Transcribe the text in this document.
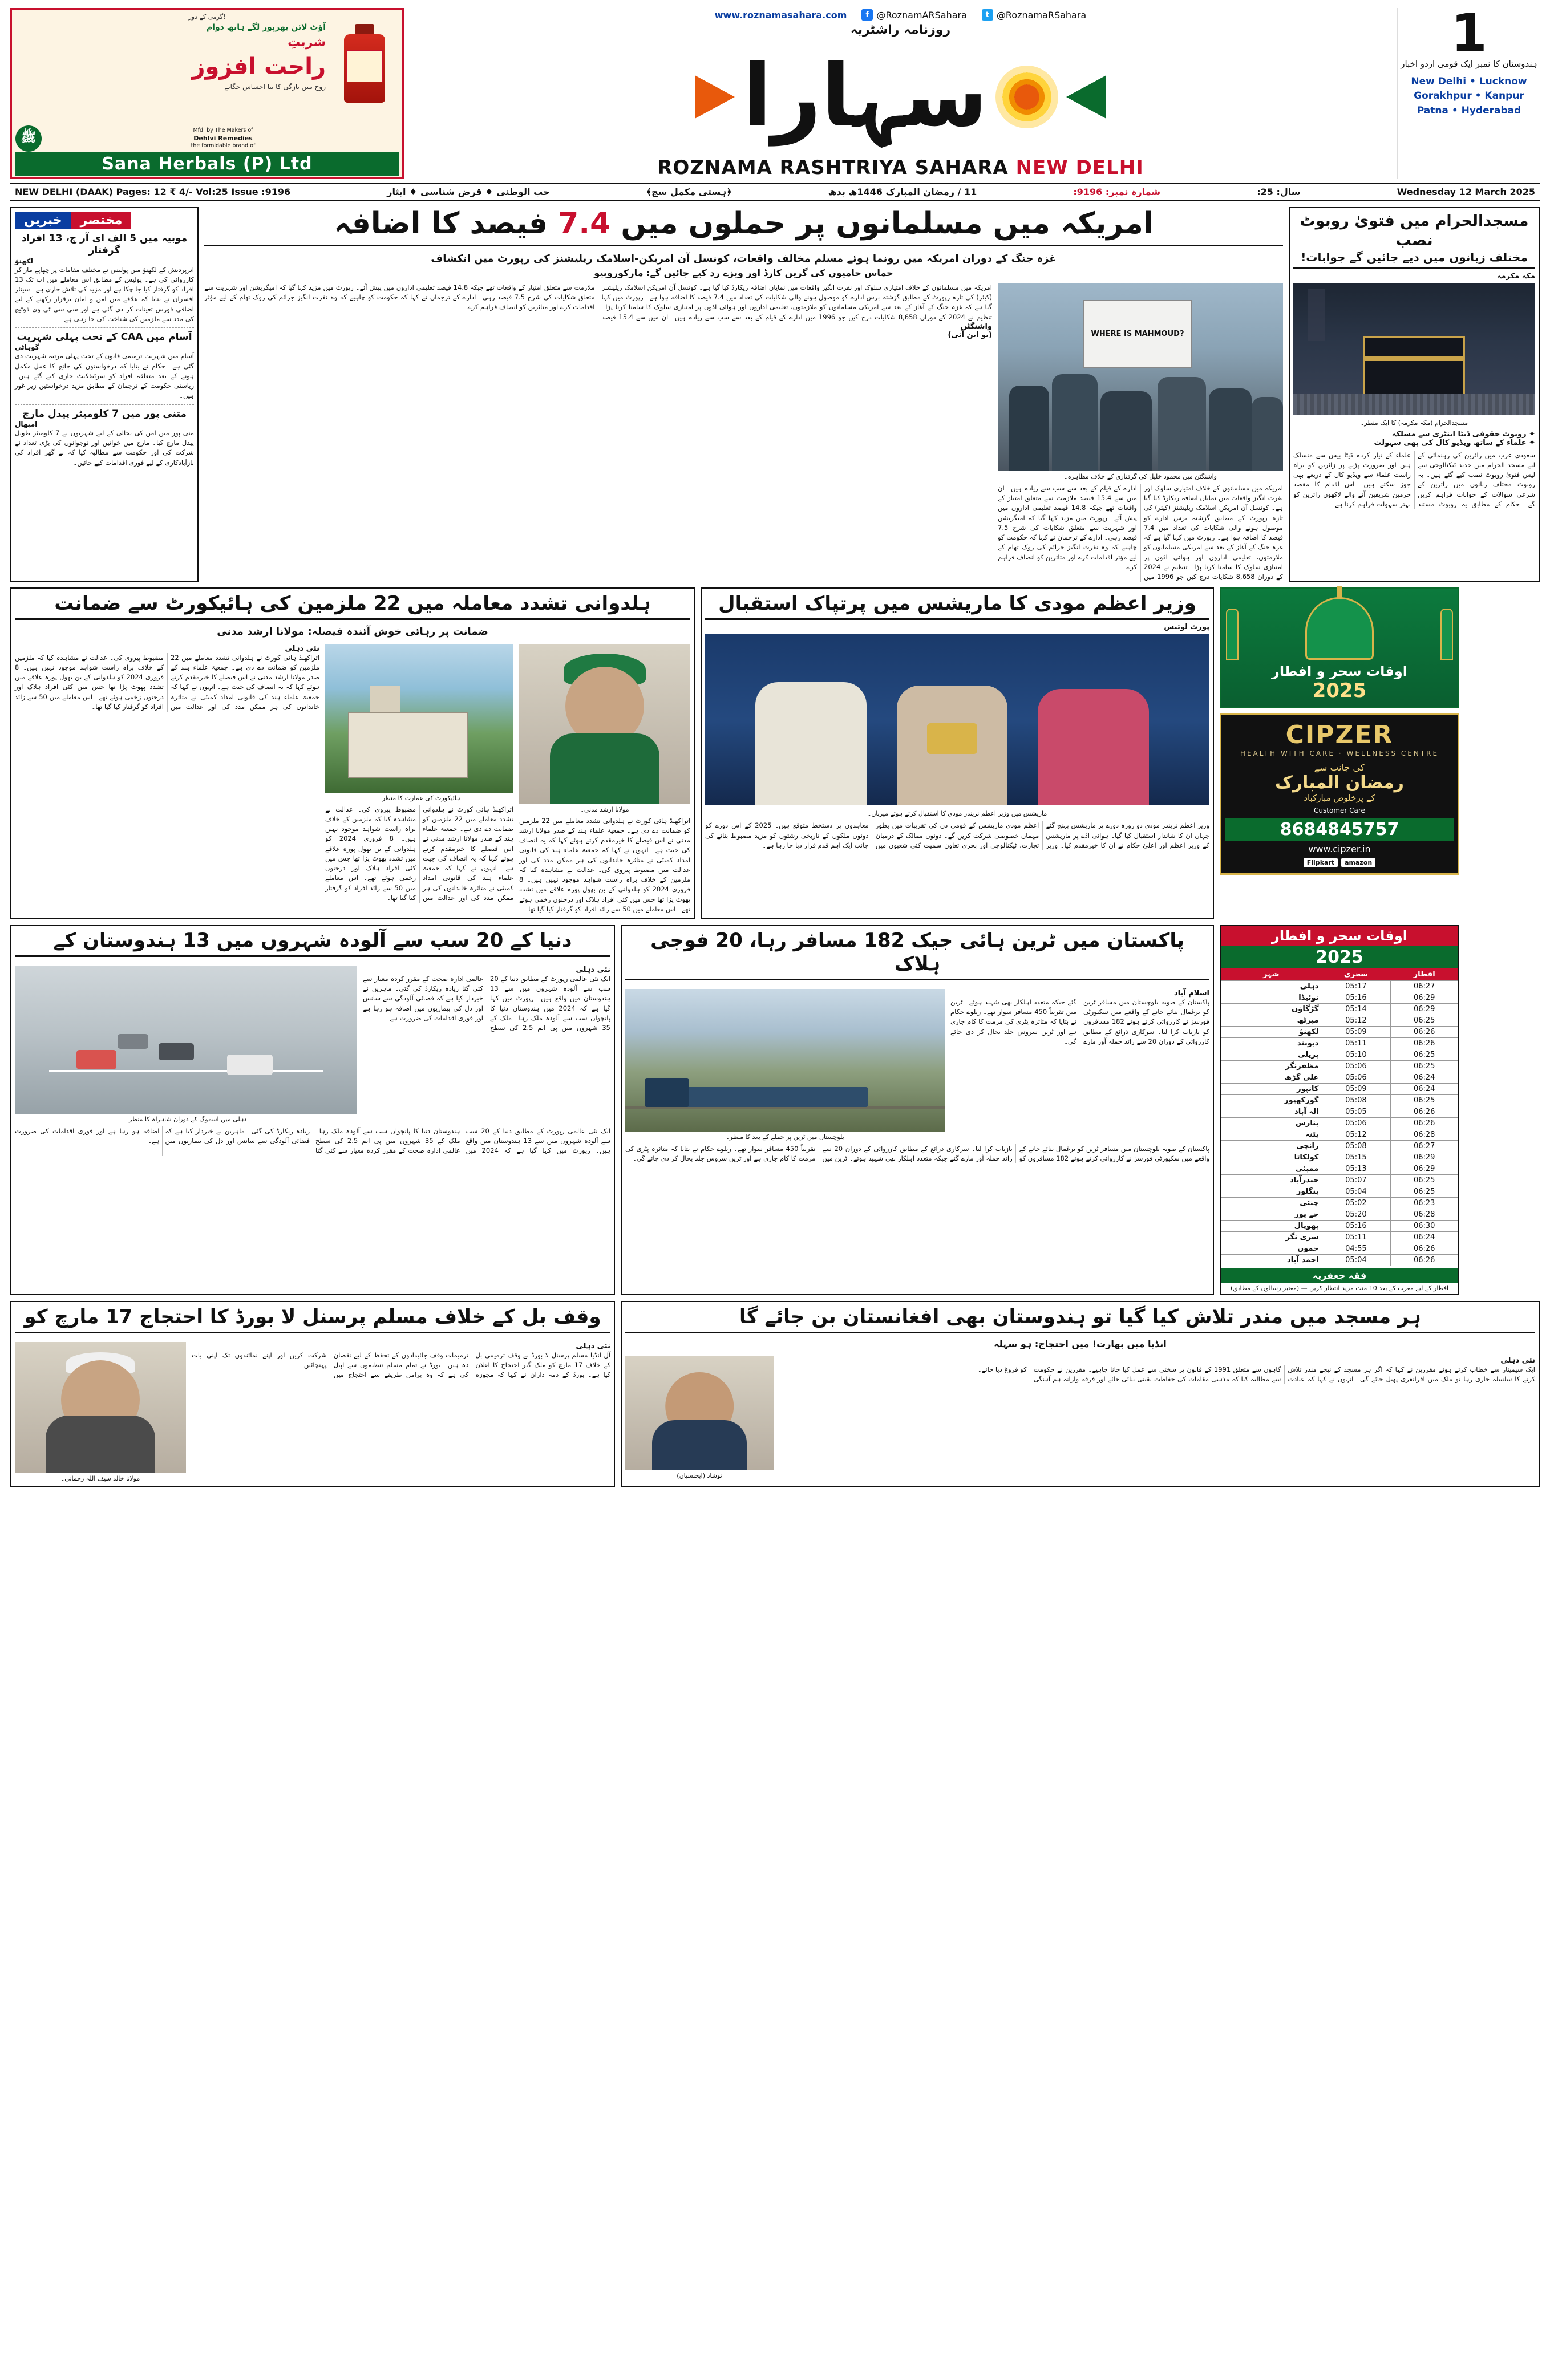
گرمی کے دور!
آؤٹ لائن بھرپور لگے ہاتھ دوام
شربتِ
راحت افزوز
روح میں تازگی کا نیا احساس جگانے
ﷺ
Mfd. by The Makers of
Dehlvi Remedies
the formidable brand of
Sana Herbals (P) Ltd
www.roznamasahara.com	f @RoznamARSahara	t @RoznamaRSahara
روزنامہ راشٹریہ
سہارا
ROZNAMA RASHTRIYA SAHARA NEW DELHI
1
ہندوستان کا نمبر ایک قومی اردو اخبار
New Delhi • Lucknow
Gorakhpur • Kanpur
Patna • Hyderabad
NEW DELHI (DAAK) Pages: 12 ₹ 4/- Vol:25 Issue :9196	حب الوطنی ♦ قرض شناسی ♦ ایثار	﴿ہستی مکمل سچ﴾	11 / رمضان المبارک 1446ھ بدھ	شمارہ نمبر: 9196:	سال: 25:	Wednesday 12 March 2025
خبریں	مختصر
موبیہ میں 5 الف ای آر چ، 13 افراد گرفتار
لکھنؤ
اترپردیش کے لکھنؤ میں پولیس نے مختلف مقامات پر چھاپے مار کر کارروائی کی ہے۔ پولیس کے مطابق اس معاملے میں اب تک 13 افراد کو گرفتار کیا جا چکا ہے اور مزید کی تلاش جاری ہے۔ سینئر افسران نے بتایا کہ علاقے میں امن و امان برقرار رکھنے کے لیے اضافی فورس تعینات کر دی گئی ہے اور سی سی ٹی وی فوٹیج کی مدد سے ملزمین کی شناخت کی جا رہی ہے۔
آسام میں CAA کے تحت پہلی شہریت
گوہاٹی
آسام میں شہریت ترمیمی قانون کے تحت پہلی مرتبہ شہریت دی گئی ہے۔ حکام نے بتایا کہ درخواستوں کی جانچ کا عمل مکمل ہونے کے بعد متعلقہ افراد کو سرٹیفکیٹ جاری کیے گئے ہیں۔ ریاستی حکومت کے ترجمان کے مطابق مزید درخواستیں زیر غور ہیں۔
متنی پور میں 7 کلومیٹر پیدل مارچ
امپھال
منی پور میں امن کی بحالی کے لیے شہریوں نے 7 کلومیٹر طویل پیدل مارچ کیا۔ مارچ میں خواتین اور نوجوانوں کی بڑی تعداد نے شرکت کی اور حکومت سے مطالبہ کیا کہ بے گھر افراد کی بازآبادکاری کے لیے فوری اقدامات کیے جائیں۔
امریکہ میں مسلمانوں پر حملوں میں 7.4 فیصد کا اضافہ
غزہ جنگ کے دوران امریکہ میں رونما ہوئے مسلم مخالف واقعات، کونسل آن امریکن-اسلامک ریلیشنز کی رپورٹ میں انکشاف
حماس حامیوں کی گرین کارڈ اور ویزے رد کیے جائیں گے: مارکوروبیو
امریکہ میں مسلمانوں کے خلاف امتیازی سلوک اور نفرت انگیز واقعات میں نمایاں اضافہ ریکارڈ کیا گیا ہے۔ کونسل آن امریکن اسلامک ریلیشنز (کیئر) کی تازہ رپورٹ کے مطابق گزشتہ برس ادارے کو موصول ہونے والی شکایات کی تعداد میں 7.4 فیصد کا اضافہ ہوا ہے۔ رپورٹ میں کہا گیا ہے کہ غزہ جنگ کے آغاز کے بعد سے امریکی مسلمانوں کو ملازمتوں، تعلیمی اداروں اور ہوائی اڈوں پر امتیازی سلوک کا سامنا کرنا پڑا۔ تنظیم نے 2024 کے دوران 8,658 شکایات درج کیں جو 1996 میں ادارے کے قیام کے بعد سے سب سے زیادہ ہیں۔ ان میں سے 15.4 فیصد ملازمت سے متعلق امتیاز کے واقعات تھے جبکہ 14.8 فیصد تعلیمی اداروں میں پیش آئے۔ رپورٹ میں مزید کہا گیا کہ امیگریشن اور شہریت سے متعلق شکایات کی شرح 7.5 فیصد رہی۔ ادارے کے ترجمان نے کہا کہ حکومت کو چاہیے کہ وہ نفرت انگیز جرائم کی روک تھام کے لیے مؤثر اقدامات کرے اور متاثرین کو انصاف فراہم کرے۔
واشنگٹن
(یو این آئی)	WHERE IS MAHMOUD?
واشنگٹن میں محمود خلیل کی گرفتاری کے خلاف مظاہرہ۔
امریکہ میں مسلمانوں کے خلاف امتیازی سلوک اور نفرت انگیز واقعات میں نمایاں اضافہ ریکارڈ کیا گیا ہے۔ کونسل آن امریکن اسلامک ریلیشنز (کیئر) کی تازہ رپورٹ کے مطابق گزشتہ برس ادارے کو موصول ہونے والی شکایات کی تعداد میں 7.4 فیصد کا اضافہ ہوا ہے۔ رپورٹ میں کہا گیا ہے کہ غزہ جنگ کے آغاز کے بعد سے امریکی مسلمانوں کو ملازمتوں، تعلیمی اداروں اور ہوائی اڈوں پر امتیازی سلوک کا سامنا کرنا پڑا۔ تنظیم نے 2024 کے دوران 8,658 شکایات درج کیں جو 1996 میں ادارے کے قیام کے بعد سے سب سے زیادہ ہیں۔ ان میں سے 15.4 فیصد ملازمت سے متعلق امتیاز کے واقعات تھے جبکہ 14.8 فیصد تعلیمی اداروں میں پیش آئے۔ رپورٹ میں مزید کہا گیا کہ امیگریشن اور شہریت سے متعلق شکایات کی شرح 7.5 فیصد رہی۔ ادارے کے ترجمان نے کہا کہ حکومت کو چاہیے کہ وہ نفرت انگیز جرائم کی روک تھام کے لیے مؤثر اقدامات کرے اور متاثرین کو انصاف فراہم کرے۔
مسجدالحرام میں فتویٰ روبوٹ نصب
مختلف زبانوں میں دیے جائیں گے جوابات!
مکہ مکرمہ
مسجدالحرام (مکہ مکرمہ) کا ایک منظر۔
✦ روبوٹ حقوقی ڈیٹا اینٹری سے مسلکہ
✦ علماء کے ساتھ ویڈیو کال کی بھی سہولت
سعودی عرب میں زائرین کی رہنمائی کے لیے مسجد الحرام میں جدید ٹیکنالوجی سے لیس فتویٰ روبوٹ نصب کیے گئے ہیں۔ یہ روبوٹ مختلف زبانوں میں زائرین کے شرعی سوالات کے جوابات فراہم کریں گے۔ حکام کے مطابق یہ روبوٹ مستند علماء کے تیار کردہ ڈیٹا بیس سے منسلک ہیں اور ضرورت پڑنے پر زائرین کو براہ راست علماء سے ویڈیو کال کے ذریعے بھی جوڑ سکتے ہیں۔ اس اقدام کا مقصد حرمین شریفین آنے والے لاکھوں زائرین کو بہتر سہولت فراہم کرنا ہے۔
ہلدوانی تشدد معاملہ میں 22 ملزمین کی ہائیکورٹ سے ضمانت
ضمانت پر رہائی خوش آئندہ فیصلہ: مولانا ارشد مدنی
نئی دہلی
اتراکھنڈ ہائی کورٹ نے ہلدوانی تشدد معاملے میں 22 ملزمین کو ضمانت دے دی ہے۔ جمعیۃ علماء ہند کے صدر مولانا ارشد مدنی نے اس فیصلے کا خیرمقدم کرتے ہوئے کہا کہ یہ انصاف کی جیت ہے۔ انہوں نے کہا کہ جمعیۃ علماء ہند کی قانونی امداد کمیٹی نے متاثرہ خاندانوں کی ہر ممکن مدد کی اور عدالت میں مضبوط پیروی کی۔ عدالت نے مشاہدہ کیا کہ ملزمین کے خلاف براہ راست شواہد موجود نہیں ہیں۔ 8 فروری 2024 کو ہلدوانی کے بن بھول پورہ علاقے میں تشدد پھوٹ پڑا تھا جس میں کئی افراد ہلاک اور درجنوں زخمی ہوئے تھے۔ اس معاملے میں 50 سے زائد افراد کو گرفتار کیا گیا تھا۔
ہائیکورٹ کی عمارت کا منظر۔
اتراکھنڈ ہائی کورٹ نے ہلدوانی تشدد معاملے میں 22 ملزمین کو ضمانت دے دی ہے۔ جمعیۃ علماء ہند کے صدر مولانا ارشد مدنی نے اس فیصلے کا خیرمقدم کرتے ہوئے کہا کہ یہ انصاف کی جیت ہے۔ انہوں نے کہا کہ جمعیۃ علماء ہند کی قانونی امداد کمیٹی نے متاثرہ خاندانوں کی ہر ممکن مدد کی اور عدالت میں مضبوط پیروی کی۔ عدالت نے مشاہدہ کیا کہ ملزمین کے خلاف براہ راست شواہد موجود نہیں ہیں۔ 8 فروری 2024 کو ہلدوانی کے بن بھول پورہ علاقے میں تشدد پھوٹ پڑا تھا جس میں کئی افراد ہلاک اور درجنوں زخمی ہوئے تھے۔ اس معاملے میں 50 سے زائد افراد کو گرفتار کیا گیا تھا۔
مولانا ارشد مدنی۔
اتراکھنڈ ہائی کورٹ نے ہلدوانی تشدد معاملے میں 22 ملزمین کو ضمانت دے دی ہے۔ جمعیۃ علماء ہند کے صدر مولانا ارشد مدنی نے اس فیصلے کا خیرمقدم کرتے ہوئے کہا کہ یہ انصاف کی جیت ہے۔ انہوں نے کہا کہ جمعیۃ علماء ہند کی قانونی امداد کمیٹی نے متاثرہ خاندانوں کی ہر ممکن مدد کی اور عدالت میں مضبوط پیروی کی۔ عدالت نے مشاہدہ کیا کہ ملزمین کے خلاف براہ راست شواہد موجود نہیں ہیں۔ 8 فروری 2024 کو ہلدوانی کے بن بھول پورہ علاقے میں تشدد پھوٹ پڑا تھا جس میں کئی افراد ہلاک اور درجنوں زخمی ہوئے تھے۔ اس معاملے میں 50 سے زائد افراد کو گرفتار کیا گیا تھا۔
وزیر اعظم مودی کا ماریشس میں پرتپاک استقبال
پورٹ لوئیس
ماریشس میں وزیر اعظم نریندر مودی کا استقبال کرتے ہوئے میزبان۔
وزیر اعظم نریندر مودی دو روزہ دورے پر ماریشس پہنچ گئے جہاں ان کا شاندار استقبال کیا گیا۔ ہوائی اڈے پر ماریشس کے وزیر اعظم اور اعلیٰ حکام نے ان کا خیرمقدم کیا۔ وزیر اعظم مودی ماریشس کے قومی دن کی تقریبات میں بطور مہمان خصوصی شرکت کریں گے۔ دونوں ممالک کے درمیان تجارت، ٹیکنالوجی اور بحری تعاون سمیت کئی شعبوں میں معاہدوں پر دستخط متوقع ہیں۔ 2025 کے اس دورے کو دونوں ملکوں کے تاریخی رشتوں کو مزید مضبوط بنانے کی جانب ایک اہم قدم قرار دیا جا رہا ہے۔
اوقات سحر و افطار
2025
CIPZER
HEALTH WITH CARE · WELLNESS CENTRE
کی جانب سے
رمضان المبارک
کے پرخلوص مبارکباد
Customer Care
8684845757
www.cipzer.in
amazon
Flipkart
دنیا کے 20 سب سے آلودہ شہروں میں 13 ہندوستان کے
دہلی میں اسموگ کے دوران شاہراہ کا منظر۔
نئی دہلی
ایک نئی عالمی رپورٹ کے مطابق دنیا کے 20 سب سے آلودہ شہروں میں سے 13 ہندوستان میں واقع ہیں۔ رپورٹ میں کہا گیا ہے کہ 2024 میں ہندوستان دنیا کا پانچواں سب سے آلودہ ملک رہا۔ ملک کے 35 شہروں میں پی ایم 2.5 کی سطح عالمی ادارہ صحت کے مقرر کردہ معیار سے کئی گنا زیادہ ریکارڈ کی گئی۔ ماہرین نے خبردار کیا ہے کہ فضائی آلودگی سے سانس اور دل کی بیماریوں میں اضافہ ہو رہا ہے اور فوری اقدامات کی ضرورت ہے۔
ایک نئی عالمی رپورٹ کے مطابق دنیا کے 20 سب سے آلودہ شہروں میں سے 13 ہندوستان میں واقع ہیں۔ رپورٹ میں کہا گیا ہے کہ 2024 میں ہندوستان دنیا کا پانچواں سب سے آلودہ ملک رہا۔ ملک کے 35 شہروں میں پی ایم 2.5 کی سطح عالمی ادارہ صحت کے مقرر کردہ معیار سے کئی گنا زیادہ ریکارڈ کی گئی۔ ماہرین نے خبردار کیا ہے کہ فضائی آلودگی سے سانس اور دل کی بیماریوں میں اضافہ ہو رہا ہے اور فوری اقدامات کی ضرورت ہے۔
پاکستان میں ٹرین ہائی جیک 182 مسافر رہا، 20 فوجی ہلاک
بلوچستان میں ٹرین پر حملے کے بعد کا منظر۔
اسلام آباد
پاکستان کے صوبہ بلوچستان میں مسافر ٹرین کو یرغمال بنائے جانے کے واقعے میں سکیورٹی فورسز نے کارروائی کرتے ہوئے 182 مسافروں کو بازیاب کرا لیا۔ سرکاری ذرائع کے مطابق کارروائی کے دوران 20 سے زائد حملہ آور مارے گئے جبکہ متعدد اہلکار بھی شہید ہوئے۔ ٹرین میں تقریباً 450 مسافر سوار تھے۔ ریلوے حکام نے بتایا کہ متاثرہ پٹری کی مرمت کا کام جاری ہے اور ٹرین سروس جلد بحال کر دی جائے گی۔
پاکستان کے صوبہ بلوچستان میں مسافر ٹرین کو یرغمال بنائے جانے کے واقعے میں سکیورٹی فورسز نے کارروائی کرتے ہوئے 182 مسافروں کو بازیاب کرا لیا۔ سرکاری ذرائع کے مطابق کارروائی کے دوران 20 سے زائد حملہ آور مارے گئے جبکہ متعدد اہلکار بھی شہید ہوئے۔ ٹرین میں تقریباً 450 مسافر سوار تھے۔ ریلوے حکام نے بتایا کہ متاثرہ پٹری کی مرمت کا کام جاری ہے اور ٹرین سروس جلد بحال کر دی جائے گی۔
اوقات سحر و افطار
2025
افطار	سحری	شہر
06:27	05:17	دہلی
06:29	05:16	نوئیڈا
06:29	05:14	گڑگاؤں
06:25	05:12	میرٹھ
06:26	05:09	لکھنؤ
06:26	05:11	دیوبند
06:25	05:10	بریلی
06:25	05:06	مظفرنگر
06:24	05:06	علی گڑھ
06:24	05:09	کانپور
06:25	05:08	گورکھپور
06:26	05:05	الہ آباد
06:26	05:06	بنارس
06:28	05:12	پٹنہ
06:27	05:08	رانچی
06:29	05:15	کولکاتا
06:29	05:13	ممبئی
06:25	05:07	حیدرآباد
06:25	05:04	بنگلور
06:23	05:02	چنئی
06:28	05:20	جے پور
06:30	05:16	بھوپال
06:24	05:11	سری نگر
06:26	04:55	جموں
06:26	05:04	احمد آباد
فقہ جعفریہ
افطار کے لیے مغرب کے بعد 10 منٹ مزید انتظار کریں — (معتبر رسالوں کے مطابق)
وقف بل کے خلاف مسلم پرسنل لا بورڈ کا احتجاج 17 مارچ کو
مولانا خالد سیف اللہ رحمانی۔
نئی دہلی
آل انڈیا مسلم پرسنل لا بورڈ نے وقف ترمیمی بل کے خلاف 17 مارچ کو ملک گیر احتجاج کا اعلان کیا ہے۔ بورڈ کے ذمہ داران نے کہا کہ مجوزہ ترمیمات وقف جائیدادوں کے تحفظ کے لیے نقصان دہ ہیں۔ بورڈ نے تمام مسلم تنظیموں سے اپیل کی ہے کہ وہ پرامن طریقے سے احتجاج میں شرکت کریں اور اپنے نمائندوں تک اپنی بات پہنچائیں۔
ہر مسجد میں مندر تلاش کیا گیا تو ہندوستان بھی افغانستان بن جائے گا
انڈیا میں بھارت! میں احتجاج: ہو سہلہ
نوشاد (ایجنسیاں)
نئی دہلی
ایک سیمینار سے خطاب کرتے ہوئے مقررین نے کہا کہ اگر ہر مسجد کے نیچے مندر تلاش کرنے کا سلسلہ جاری رہا تو ملک میں افراتفری پھیل جائے گی۔ انہوں نے کہا کہ عبادت گاہوں سے متعلق 1991 کے قانون پر سختی سے عمل کیا جانا چاہیے۔ مقررین نے حکومت سے مطالبہ کیا کہ مذہبی مقامات کی حفاظت یقینی بنائی جائے اور فرقہ وارانہ ہم آہنگی کو فروغ دیا جائے۔
